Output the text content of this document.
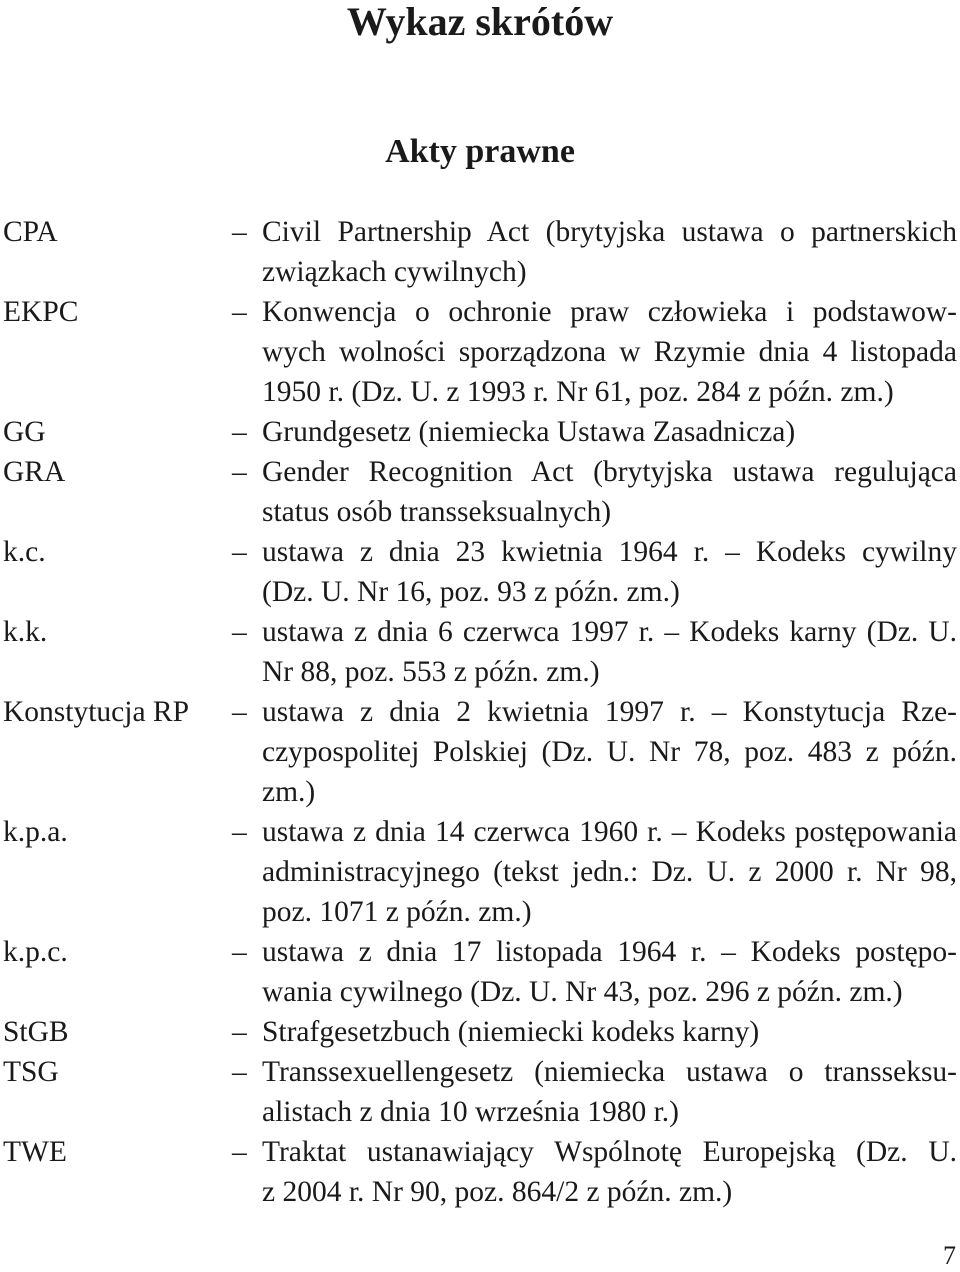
Wykaz skrótów
Akty prawne
CPA	– Civil Partnership Act (brytyjska ustawa o partnerskich
związkach cywilnych)
EKPC	– Konwencja o ochronie praw człowieka i podstawow-
wych wolności sporządzona w Rzymie dnia 4 listopada
1950 r. (Dz. U. z 1993 r. Nr 61, poz. 284 z późn. zm.)
GG	– Grundgesetz (niemiecka Ustawa Zasadnicza)
GRA	– Gender Recognition Act (brytyjska ustawa regulująca
status osób transseksualnych)
k.c.	– ustawa z dnia 23 kwietnia 1964 r. – Kodeks cywilny
(Dz. U. Nr 16, poz. 93 z późn. zm.)
k.k.	– ustawa z dnia 6 czerwca 1997 r. – Kodeks karny (Dz. U.
Nr 88, poz. 553 z późn. zm.)
Konstytucja RP	– ustawa z dnia 2 kwietnia 1997 r. – Konstytucja Rze-
czypospolitej Polskiej (Dz. U. Nr 78, poz. 483 z późn.
zm.)
k.p.a.	– ustawa z dnia 14 czerwca 1960 r. – Kodeks postępowania
administracyjnego (tekst jedn.: Dz. U. z 2000 r. Nr 98,
poz. 1071 z późn. zm.)
k.p.c.	– ustawa z dnia 17 listopada 1964 r. – Kodeks postępo-
wania cywilnego (Dz. U. Nr 43, poz. 296 z późn. zm.)
StGB	– Strafgesetzbuch (niemiecki kodeks karny)
TSG	– Transsexuellengesetz (niemiecka ustawa o transseksu-
alistach z dnia 10 września 1980 r.)
TWE	– Traktat ustanawiający Wspólnotę Europejską (Dz. U.
z 2004 r. Nr 90, poz. 864/2 z późn. zm.)
7
